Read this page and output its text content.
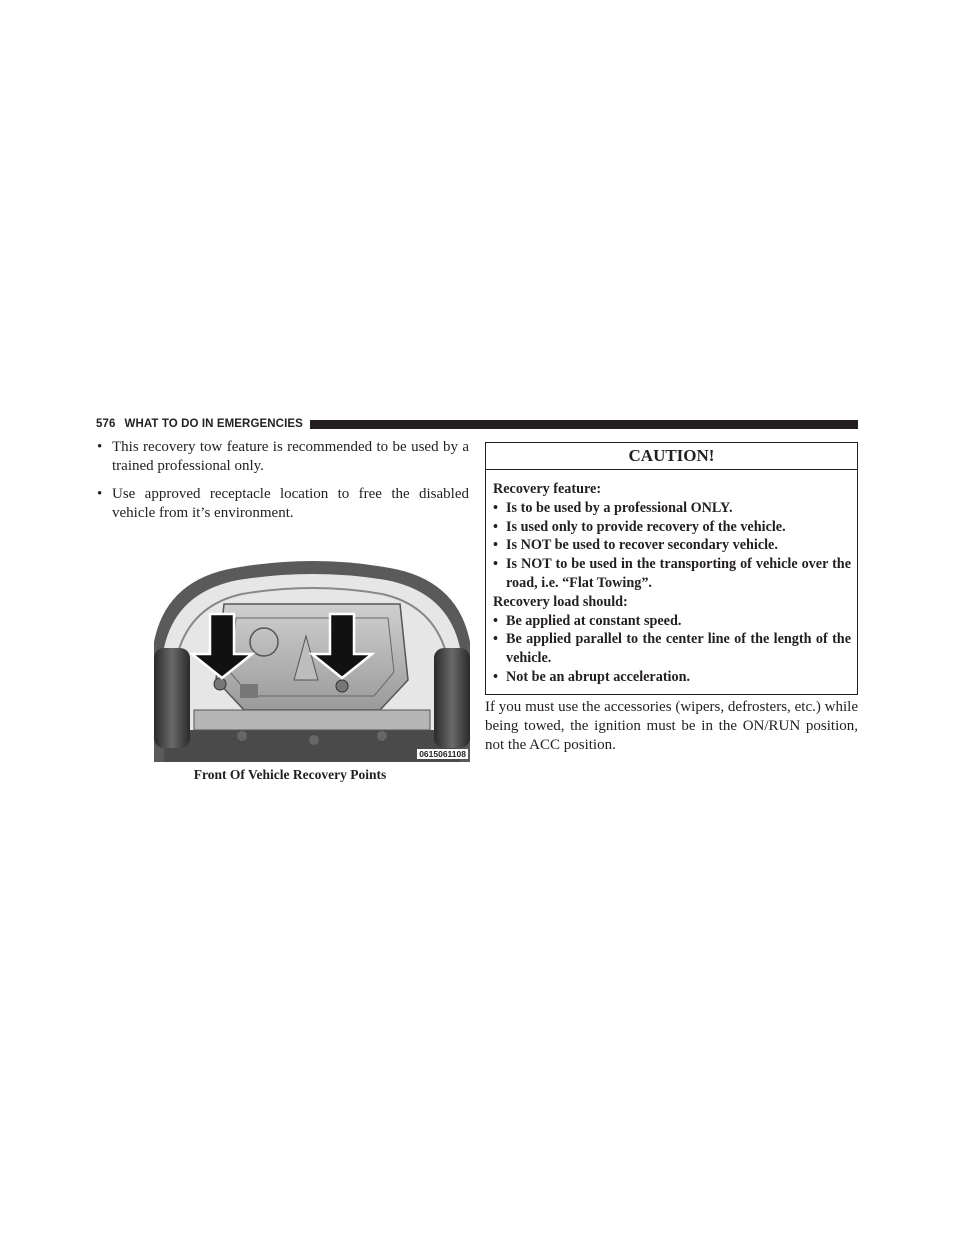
576 WHAT TO DO IN EMERGENCIES
• This recovery tow feature is recommended to be used by a trained professional only.
• Use approved receptacle location to free the disabled vehicle from it’s environment.
0615061108
Front Of Vehicle Recovery Points
CAUTION!
Recovery feature:
• Is to be used by a professional ONLY.
• Is used only to provide recovery of the vehicle.
• Is NOT be used to recover secondary vehicle.
• Is NOT to be used in the transporting of vehicle over the road, i.e. “Flat Towing”.
Recovery load should:
• Be applied at constant speed.
• Be applied parallel to the center line of the length of the vehicle.
• Not be an abrupt acceleration.
If you must use the accessories (wipers, defrosters, etc.) while being towed, the ignition must be in the ON/RUN position, not the ACC position.
